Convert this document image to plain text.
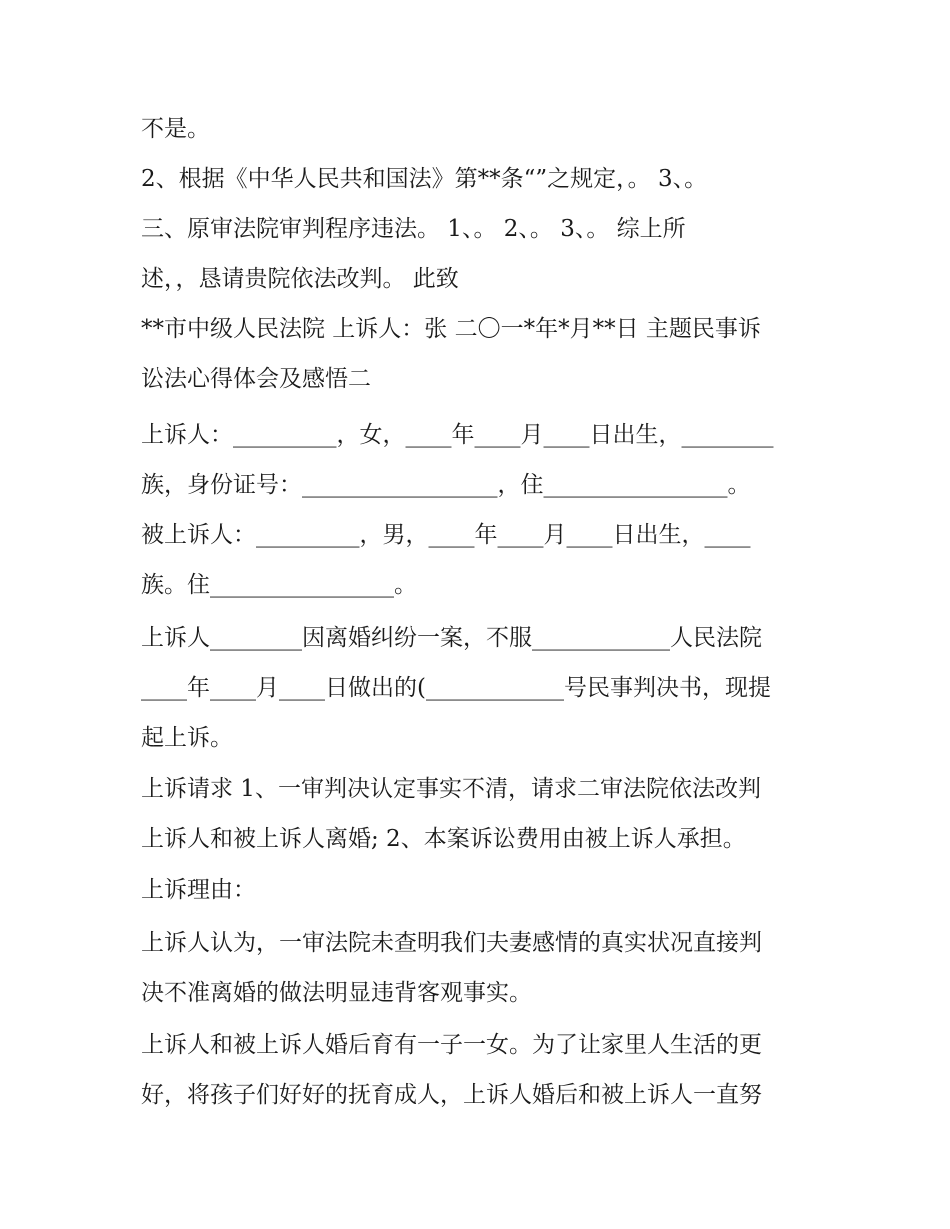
不是。
2、根据《中华人民共和国法》第**条“”之规定，。 3、。
三、原审法院审判程序违法。 1、。 2、。 3、。 综上所
述，，恳请贵院依法改判。 此致
**市中级人民法院 上诉人：张 二〇一*年*月**日 主题民事诉
讼法心得体会及感悟二
上诉人：_________，女，____年____月____日出生，________
族，身份证号：_________________，住________________。
被上诉人：_________，男，____年____月____日出生，____
族。住________________。
上诉人________因离婚纠纷一案，不服____________人民法院
____年____月____日做出的(____________号民事判决书，现提
起上诉。
上诉请求 1、一审判决认定事实不清，请求二审法院依法改判
上诉人和被上诉人离婚; 2、本案诉讼费用由被上诉人承担。
上诉理由：
上诉人认为，一审法院未查明我们夫妻感情的真实状况直接判
决不准离婚的做法明显违背客观事实。
上诉人和被上诉人婚后育有一子一女。为了让家里人生活的更
好，将孩子们好好的抚育成人，上诉人婚后和被上诉人一直努
